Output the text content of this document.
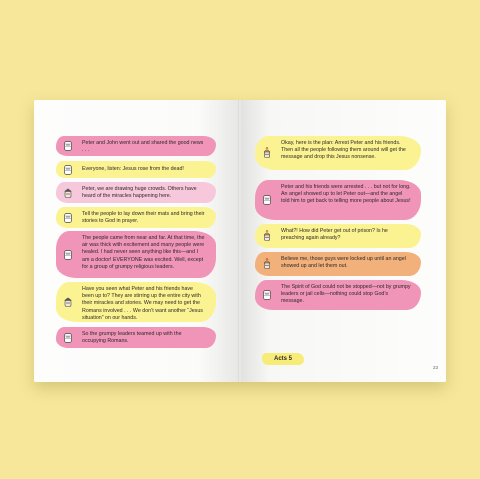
Peter and John went out and shared the good news . . .
Everyone, listen: Jesus rose from the dead!
Peter, we are drawing huge crowds. Others have heard of the miracles happening here.
Tell the people to lay down their mats and bring their stories to God in prayer.
The people came from near and far. At that time, the air was thick with excitement and many people were healed. I had never seen anything like this—and I am a doctor! EVERYONE was excited. Well, except for a group of grumpy religious leaders.
Have you seen what Peter and his friends have been up to? They are stirring up the entire city with their miracles and stories. We may need to get the Romans involved . . . We don’t want another “Jesus situation” on our hands.
So the grumpy leaders teamed up with the occupying Romans.
Okay, here is the plan: Arrest Peter and his friends. Then all the people following them around will get the message and drop this Jesus nonsense.
Peter and his friends were arrested . . . but not for long. An angel showed up to let Peter out—and the angel told him to get back to telling more people about Jesus!
What?! How did Peter get out of prison? Is he preaching again already?
Believe me, those guys were locked up until an angel showed up and let them out.
The Spirit of God could not be stopped—not by grumpy leaders or jail cells—nothing could stop God’s message.
23
Acts 5
